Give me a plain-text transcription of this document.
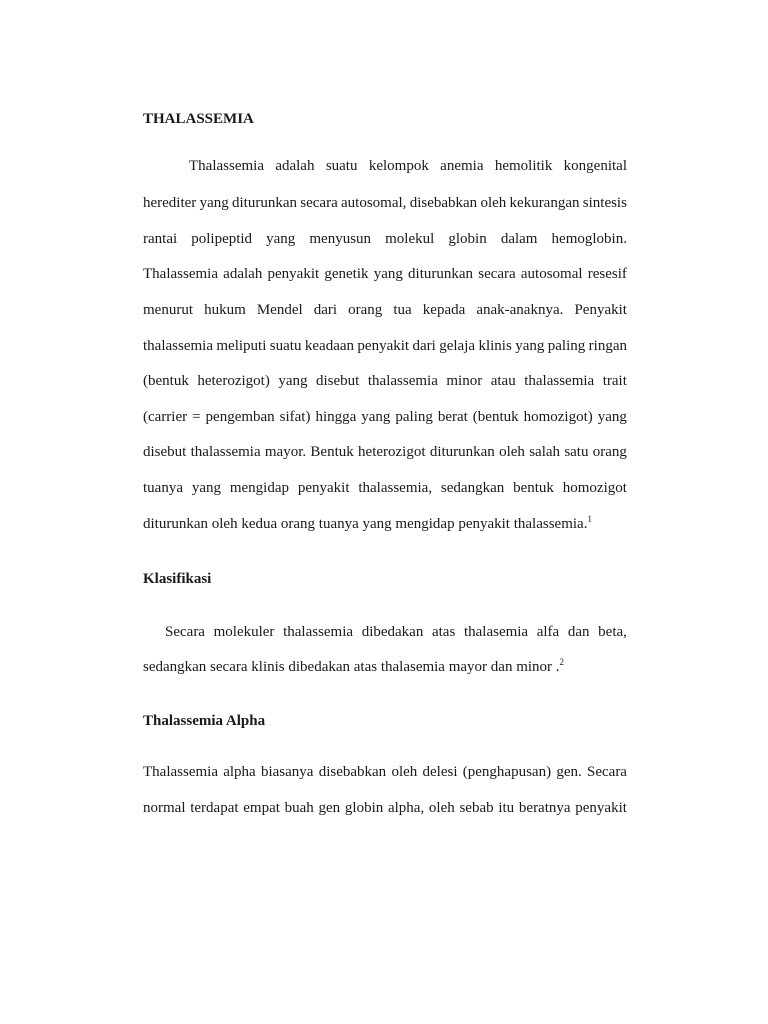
THALASSEMIA

Thalassemia adalah suatu kelompok anemia hemolitik kongenital

herediter yang diturunkan secara autosomal, disebabkan oleh kekurangan sintesis

rantai polipeptid yang menyusun molekul globin dalam hemoglobin.

Thalassemia adalah penyakit genetik yang diturunkan secara autosomal resesif

menurut hukum Mendel dari orang tua kepada anak-anaknya. Penyakit

thalassemia meliputi suatu keadaan penyakit dari gelaja klinis yang paling ringan

(bentuk heterozigot) yang disebut thalassemia minor atau thalassemia trait

(carrier = pengemban sifat) hingga yang paling berat (bentuk homozigot) yang

disebut thalassemia mayor. Bentuk heterozigot diturunkan oleh salah satu orang

tuanya yang mengidap penyakit thalassemia, sedangkan bentuk homozigot

diturunkan oleh kedua orang tuanya yang mengidap penyakit thalassemia.$^1$

Klasifikasi

Secara molekuler thalassemia dibedakan atas thalasemia alfa dan beta,

sedangkan secara klinis dibedakan atas thalasemia mayor dan minor .$^2$

Thalassemia Alpha

Thalassemia alpha biasanya disebabkan oleh delesi (penghapusan) gen. Secara

normal terdapat empat buah gen globin alpha, oleh sebab itu beratnya penyakit
